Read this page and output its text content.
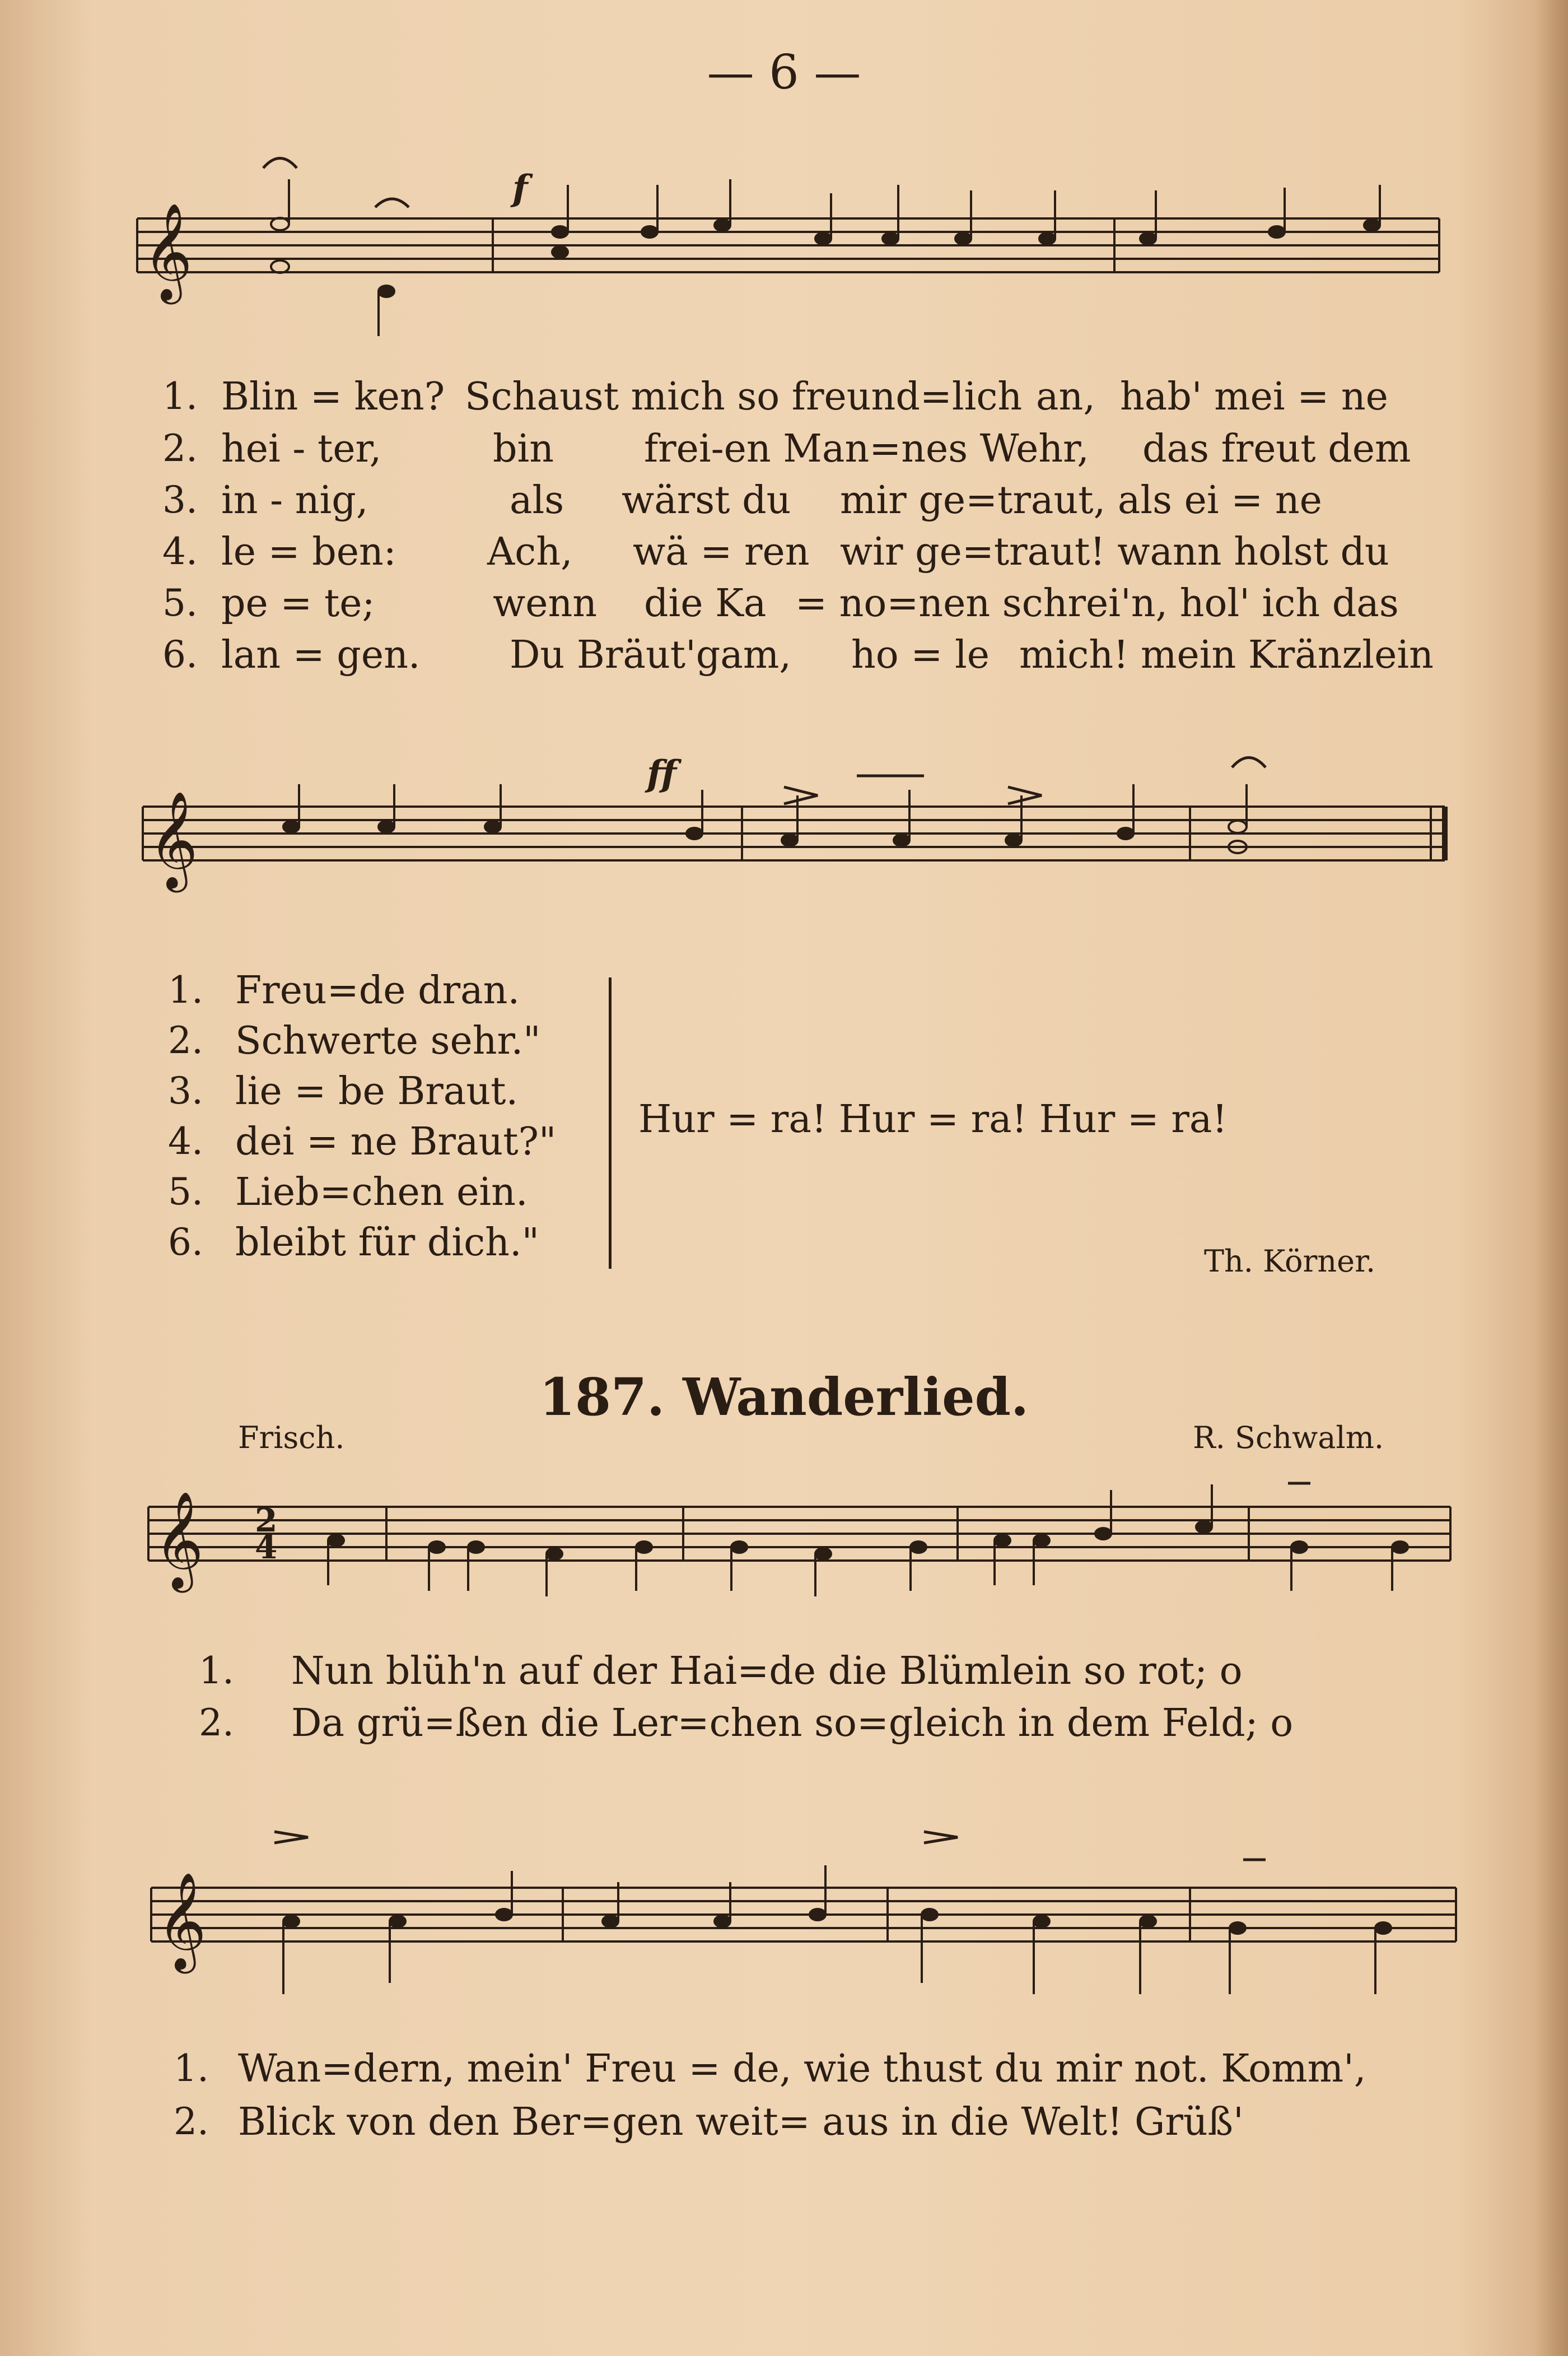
— 6 —
𝄞
𝄞
𝄞
𝄞
2
4
f
ff
1. Blin = ken? Schaust mich so freund=lich an, hab' mei = ne
2. hei - ter,	bin frei-en Man=nes Wehr, das freut dem
3. in - nig,	als wärst du mir ge=traut, als ei = ne
4. le = ben: Ach, wä = ren wir ge=traut! wann holst du
5. pe = te;	wenn die Ka = no=nen schrei'n, hol' ich das
6. lan = gen. Du Bräut'gam, ho = le mich! mein Kränzlein
1. Freu=de dran.
2. Schwerte sehr."
3. lie = be Braut.
4. dei = ne Braut?"
5. Lieb=chen ein.
6. bleibt für dich."
Hur = ra! Hur = ra! Hur = ra!
Th. Körner.
187. Wanderlied.
Frisch.	R. Schwalm.
1. Nun blüh'n auf der Hai=de die Blümlein so rot; o
2. Da grü=ßen die Ler=chen so=gleich in dem Feld; o
1. Wan=dern, mein' Freu = de, wie thust du mir not. Komm',
2. Blick von den Ber=gen weit= aus in die Welt! Grüß'
